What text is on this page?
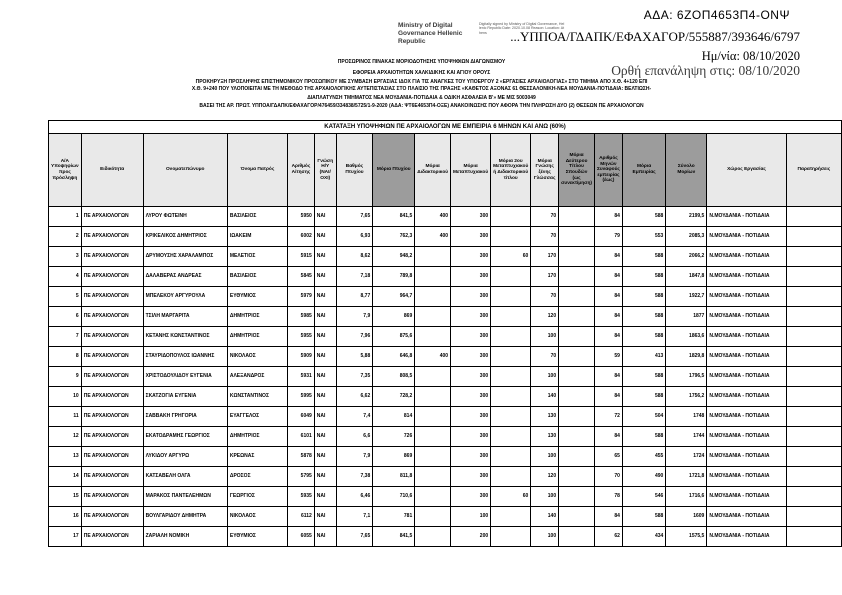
ΑΔΑ: 6ZΟΠ4653Π4-ΟΝΨ
Ministry of Digital Governance Hellenic Republic
Digitally signed by Ministry of Digital Governance, Hellenic Republic Date: 2020.10.08 Reason: Location: Athens	...ΥΠΠΟΑ/ΓΔΑΠΚ/ΕΦΑΧΑΓΟΡ/555887/393646/6797
Ημ/νία: 08/10/2020
Ορθή επανάληψη στις: 08/10/2020
ΠΡΟΣΩΡΙΝΟΣ ΠΙΝΑΚΑΣ ΜΟΡΙΟΔΟΤΗΣΗΣ ΥΠΟΨΗΦΙΩΝ ΔΙΑΓΩΝΙΣΜΟΥ
ΕΦΟΡΕΙΑ ΑΡΧΑΙΟΤΗΤΩΝ ΧΑΛΚΙΔΙΚΗΣ ΚΑΙ ΑΓΙΟΥ ΟΡΟΥΣ
ΠΡΟΚΗΡΥΞΗ ΠΡΟΣΛΗΨΗΣ ΕΠΙΣΤΗΜΟΝΙΚΟΥ ΠΡΟΣΩΠΙΚΟΥ ΜΕ ΣΥΜΒΑΣΗ ΕΡΓΑΣΙΑΣ ΙΔΟΧ ΓΙΑ ΤΙΣ ΑΝΑΓΚΕΣ ΤΟΥ ΥΠΟΕΡΓΟΥ 2 «ΕΡΓΑΣΙΕΣ ΑΡΧΑΙΟΛΟΓΙΑΣ» ΣΤΟ ΤΜΗΜΑ ΑΠΟ Χ.Θ. 4+120 ΕΠΙ
Χ.Θ. 9+240 ΠΟΥ ΥΛΟΠΟΙΕΙΤΑΙ ΜΕ ΤΗ ΜΕΘΟΔΟ ΤΗΣ ΑΡΧΑΙΟΛΟΓΙΚΗΣ ΑΥΤΕΠΙΣΤΑΣΙΑΣ ΣΤΟ ΠΛΑΙΣΙΟ ΤΗΣ ΠΡΑΞΗΣ «ΚΑΘΕΤΟΣ ΑΞΟΝΑΣ 61 ΘΕΣΣΑΛΟΝΙΚΗ-ΝΕΑ ΜΟΥΔΑΝΙΑ-ΠΟΤΙΔΑΙΑ: ΒΕΛΤΙΩΣΗ-
ΔΙΑΠΛΑΤΥΝΣΗ ΤΜΗΜΑΤΟΣ ΝΕΑ ΜΟΥΔΑΝΙΑ-ΠΟΤΙΔΑΙΑ & ΟΔΙΚΗ ΑΣΦΑΛΕΙΑ Β'» ΜΕ ΜΙΣ 5003049
ΒΑΣΕΙ ΤΗΣ ΑΡ. ΠΡΩΤ. ΥΠΠΟΑ/ΓΔΑΠΚ/ΕΦΑΧΑΓΟΡ/476459/334838/5725/1-9-2020 (ΑΔΑ: ΨΤ6Ε4653Π4-ΟΞΕ) ΑΝΑΚΟΙΝΩΣΗΣ ΠΟΥ ΑΦΟΡΑ ΤΗΝ ΠΛΗΡΩΣΗ ΔΥΟ (2) ΘΕΣΕΩΝ ΠΕ ΑΡΧΑΙΟΛΟΓΩΝ
ΚΑΤΑΤΑΞΗ ΥΠΟΨΗΦΙΩΝ ΠΕ ΑΡΧΑΙΟΛΟΓΩΝ ΜΕ ΕΜΠΕΙΡΙΑ 6 ΜΗΝΩΝ ΚΑΙ ΑΝΩ (60%)																	
Α/Α Υποψηφίων προς πρόσληψη	Ειδικότητα	Ονοματεπώνυμο	Όνομα Πατρός	Αριθμός Αίτησης	Γνώση Η/Υ (ΝΑΙ/ΟΧΙ)	Βαθμός Πτυχίου	Μόρια Πτυχίου	Μόρια Διδακτορικού	Μόρια Μεταπτυχιακού	Μόρια 2ου Μεταπτυχιακού ή Διδακτορικού τίτλου	Μόρια Γνώσης ξένης Γλώσσας	Μόρια Δεύτερου Τίτλου Σπουδών (ως συνεκτίμηση)	Αριθμός Μηνών Συναφούς εμπειρίας (έως)	Μόρια Εμπειρίας	Σύνολο Μορίων	Χώρος Εργασίας	Παρατηρήσεις
1	ΠΕ ΑΡΧΑΙΟΛΟΓΩΝ	ΛΥΡΟΥ ΦΩΤΕΙΝΗ	ΒΑΣΙΛΕΙΟΣ	5950	ΝΑΙ	7,65	841,5	400	300		70		84	588	2199,5	Ν.ΜΟΥΔΑΝΙΑ - ΠΟΤΙΔΑΙΑ	
2	ΠΕ ΑΡΧΑΙΟΛΟΓΩΝ	ΚΡΙΚΕΛΙΚΟΣ ΔΗΜΗΤΡΙΟΣ	ΙΩΑΚΕΙΜ	6002	ΝΑΙ	6,93	762,3	400	300		70		79	553	2085,3	Ν.ΜΟΥΔΑΝΙΑ - ΠΟΤΙΔΑΙΑ	
3	ΠΕ ΑΡΧΑΙΟΛΟΓΩΝ	ΔΡΥΜΟΥΣΗΣ ΧΑΡΑΛΑΜΠΟΣ	ΜΕΛΕΤΙΟΣ	5915	ΝΑΙ	8,62	948,2		300	60	170		84	588	2066,2	Ν.ΜΟΥΔΑΝΙΑ - ΠΟΤΙΔΑΙΑ	
4	ΠΕ ΑΡΧΑΙΟΛΟΓΩΝ	ΔΑΛΑΒΕΡΑΣ ΑΝΔΡΕΑΣ	ΒΑΣΙΛΕΙΟΣ	5845	ΝΑΙ	7,18	789,8		300		170		84	588	1847,8	Ν.ΜΟΥΔΑΝΙΑ - ΠΟΤΙΔΑΙΑ	
5	ΠΕ ΑΡΧΑΙΟΛΟΓΩΝ	ΜΠΕΛΕΚΟΥ ΑΡΓΥΡΟΥΛΑ	ΕΥΘΥΜΙΟΣ	5979	ΝΑΙ	8,77	964,7		300		70		84	588	1922,7	Ν.ΜΟΥΔΑΝΙΑ - ΠΟΤΙΔΑΙΑ	
6	ΠΕ ΑΡΧΑΙΟΛΟΓΩΝ	ΤΣΙΛΗ ΜΑΡΓΑΡΙΤΑ	ΔΗΜΗΤΡΙΟΣ	5985	ΝΑΙ	7,9	869		300		120		84	588	1877	Ν.ΜΟΥΔΑΝΙΑ - ΠΟΤΙΔΑΙΑ	
7	ΠΕ ΑΡΧΑΙΟΛΟΓΩΝ	ΚΕΤΑΝΗΣ ΚΩΝΣΤΑΝΤΙΝΟΣ	ΔΗΜΗΤΡΙΟΣ	5955	ΝΑΙ	7,96	875,6		300		100		84	588	1863,6	Ν.ΜΟΥΔΑΝΙΑ - ΠΟΤΙΔΑΙΑ	
8	ΠΕ ΑΡΧΑΙΟΛΟΓΩΝ	ΣΤΑΥΡΙΔΟΠΟΥΛΟΣ ΙΩΑΝΝΗΣ	ΝΙΚΟΛΑΟΣ	5909	ΝΑΙ	5,88	646,8	400	300		70		59	413	1829,8	Ν.ΜΟΥΔΑΝΙΑ - ΠΟΤΙΔΑΙΑ	
9	ΠΕ ΑΡΧΑΙΟΛΟΓΩΝ	ΧΡΙΣΤΟΔΟΥΛΙΔΟΥ ΕΥΓΕΝΙΑ	ΑΛΕΞΑΝΔΡΟΣ	5931	ΝΑΙ	7,35	808,5		300		100		84	588	1796,5	Ν.ΜΟΥΔΑΝΙΑ - ΠΟΤΙΔΑΙΑ	
10	ΠΕ ΑΡΧΑΙΟΛΟΓΩΝ	ΣΚΑΤΖΟΓΙΑ ΕΥΓΕΝΙΑ	ΚΩΝΣΤΑΝΤΙΝΟΣ	5995	ΝΑΙ	6,62	728,2		300		140		84	588	1756,2	Ν.ΜΟΥΔΑΝΙΑ - ΠΟΤΙΔΑΙΑ	
11	ΠΕ ΑΡΧΑΙΟΛΟΓΩΝ	ΣΑΒΒΑΚΗ ΓΡΗΓΟΡΙΑ	ΕΥΑΓΓΕΛΟΣ	6049	ΝΑΙ	7,4	814		300		130		72	504	1748	Ν.ΜΟΥΔΑΝΙΑ - ΠΟΤΙΔΑΙΑ	
12	ΠΕ ΑΡΧΑΙΟΛΟΓΩΝ	ΕΚΑΤΟΔΡΑΜΗΣ ΓΕΩΡΓΙΟΣ	ΔΗΜΗΤΡΙΟΣ	6101	ΝΑΙ	6,6	726		300		130		84	588	1744	Ν.ΜΟΥΔΑΝΙΑ - ΠΟΤΙΔΑΙΑ	
13	ΠΕ ΑΡΧΑΙΟΛΟΓΩΝ	ΛΥΚΙΔΟΥ ΑΡΓΥΡΩ	ΚΡΕΩΝΑΣ	5878	ΝΑΙ	7,9	869		300		100		65	455	1724	Ν.ΜΟΥΔΑΝΙΑ - ΠΟΤΙΔΑΙΑ	
14	ΠΕ ΑΡΧΑΙΟΛΟΓΩΝ	ΚΑΤΣΑΒΕΛΗ ΟΛΓΑ	ΔΡΟΣΟΣ	5795	ΝΑΙ	7,38	811,8		300		120		70	490	1721,8	Ν.ΜΟΥΔΑΝΙΑ - ΠΟΤΙΔΑΙΑ	
15	ΠΕ ΑΡΧΑΙΟΛΟΓΩΝ	ΜΑΡΑΚΟΣ ΠΑΝΤΕΛΕΗΜΩΝ	ΓΕΩΡΓΙΟΣ	5935	ΝΑΙ	6,46	710,6		300	60	100		78	546	1716,6	Ν.ΜΟΥΔΑΝΙΑ - ΠΟΤΙΔΑΙΑ	
16	ΠΕ ΑΡΧΑΙΟΛΟΓΩΝ	ΒΟΥΛΓΑΡΙΔΟΥ ΔΗΜΗΤΡΑ	ΝΙΚΟΛΑΟΣ	6112	ΝΑΙ	7,1	781		100		140		84	588	1609	Ν.ΜΟΥΔΑΝΙΑ - ΠΟΤΙΔΑΙΑ	
17	ΠΕ ΑΡΧΑΙΟΛΟΓΩΝ	ΖΑΡΙΑΛΗ ΝΟΜΙΚΗ	ΕΥΘΥΜΙΟΣ	6055	ΝΑΙ	7,65	841,5		200		100		62	434	1575,5	Ν.ΜΟΥΔΑΝΙΑ - ΠΟΤΙΔΑΙΑ	
